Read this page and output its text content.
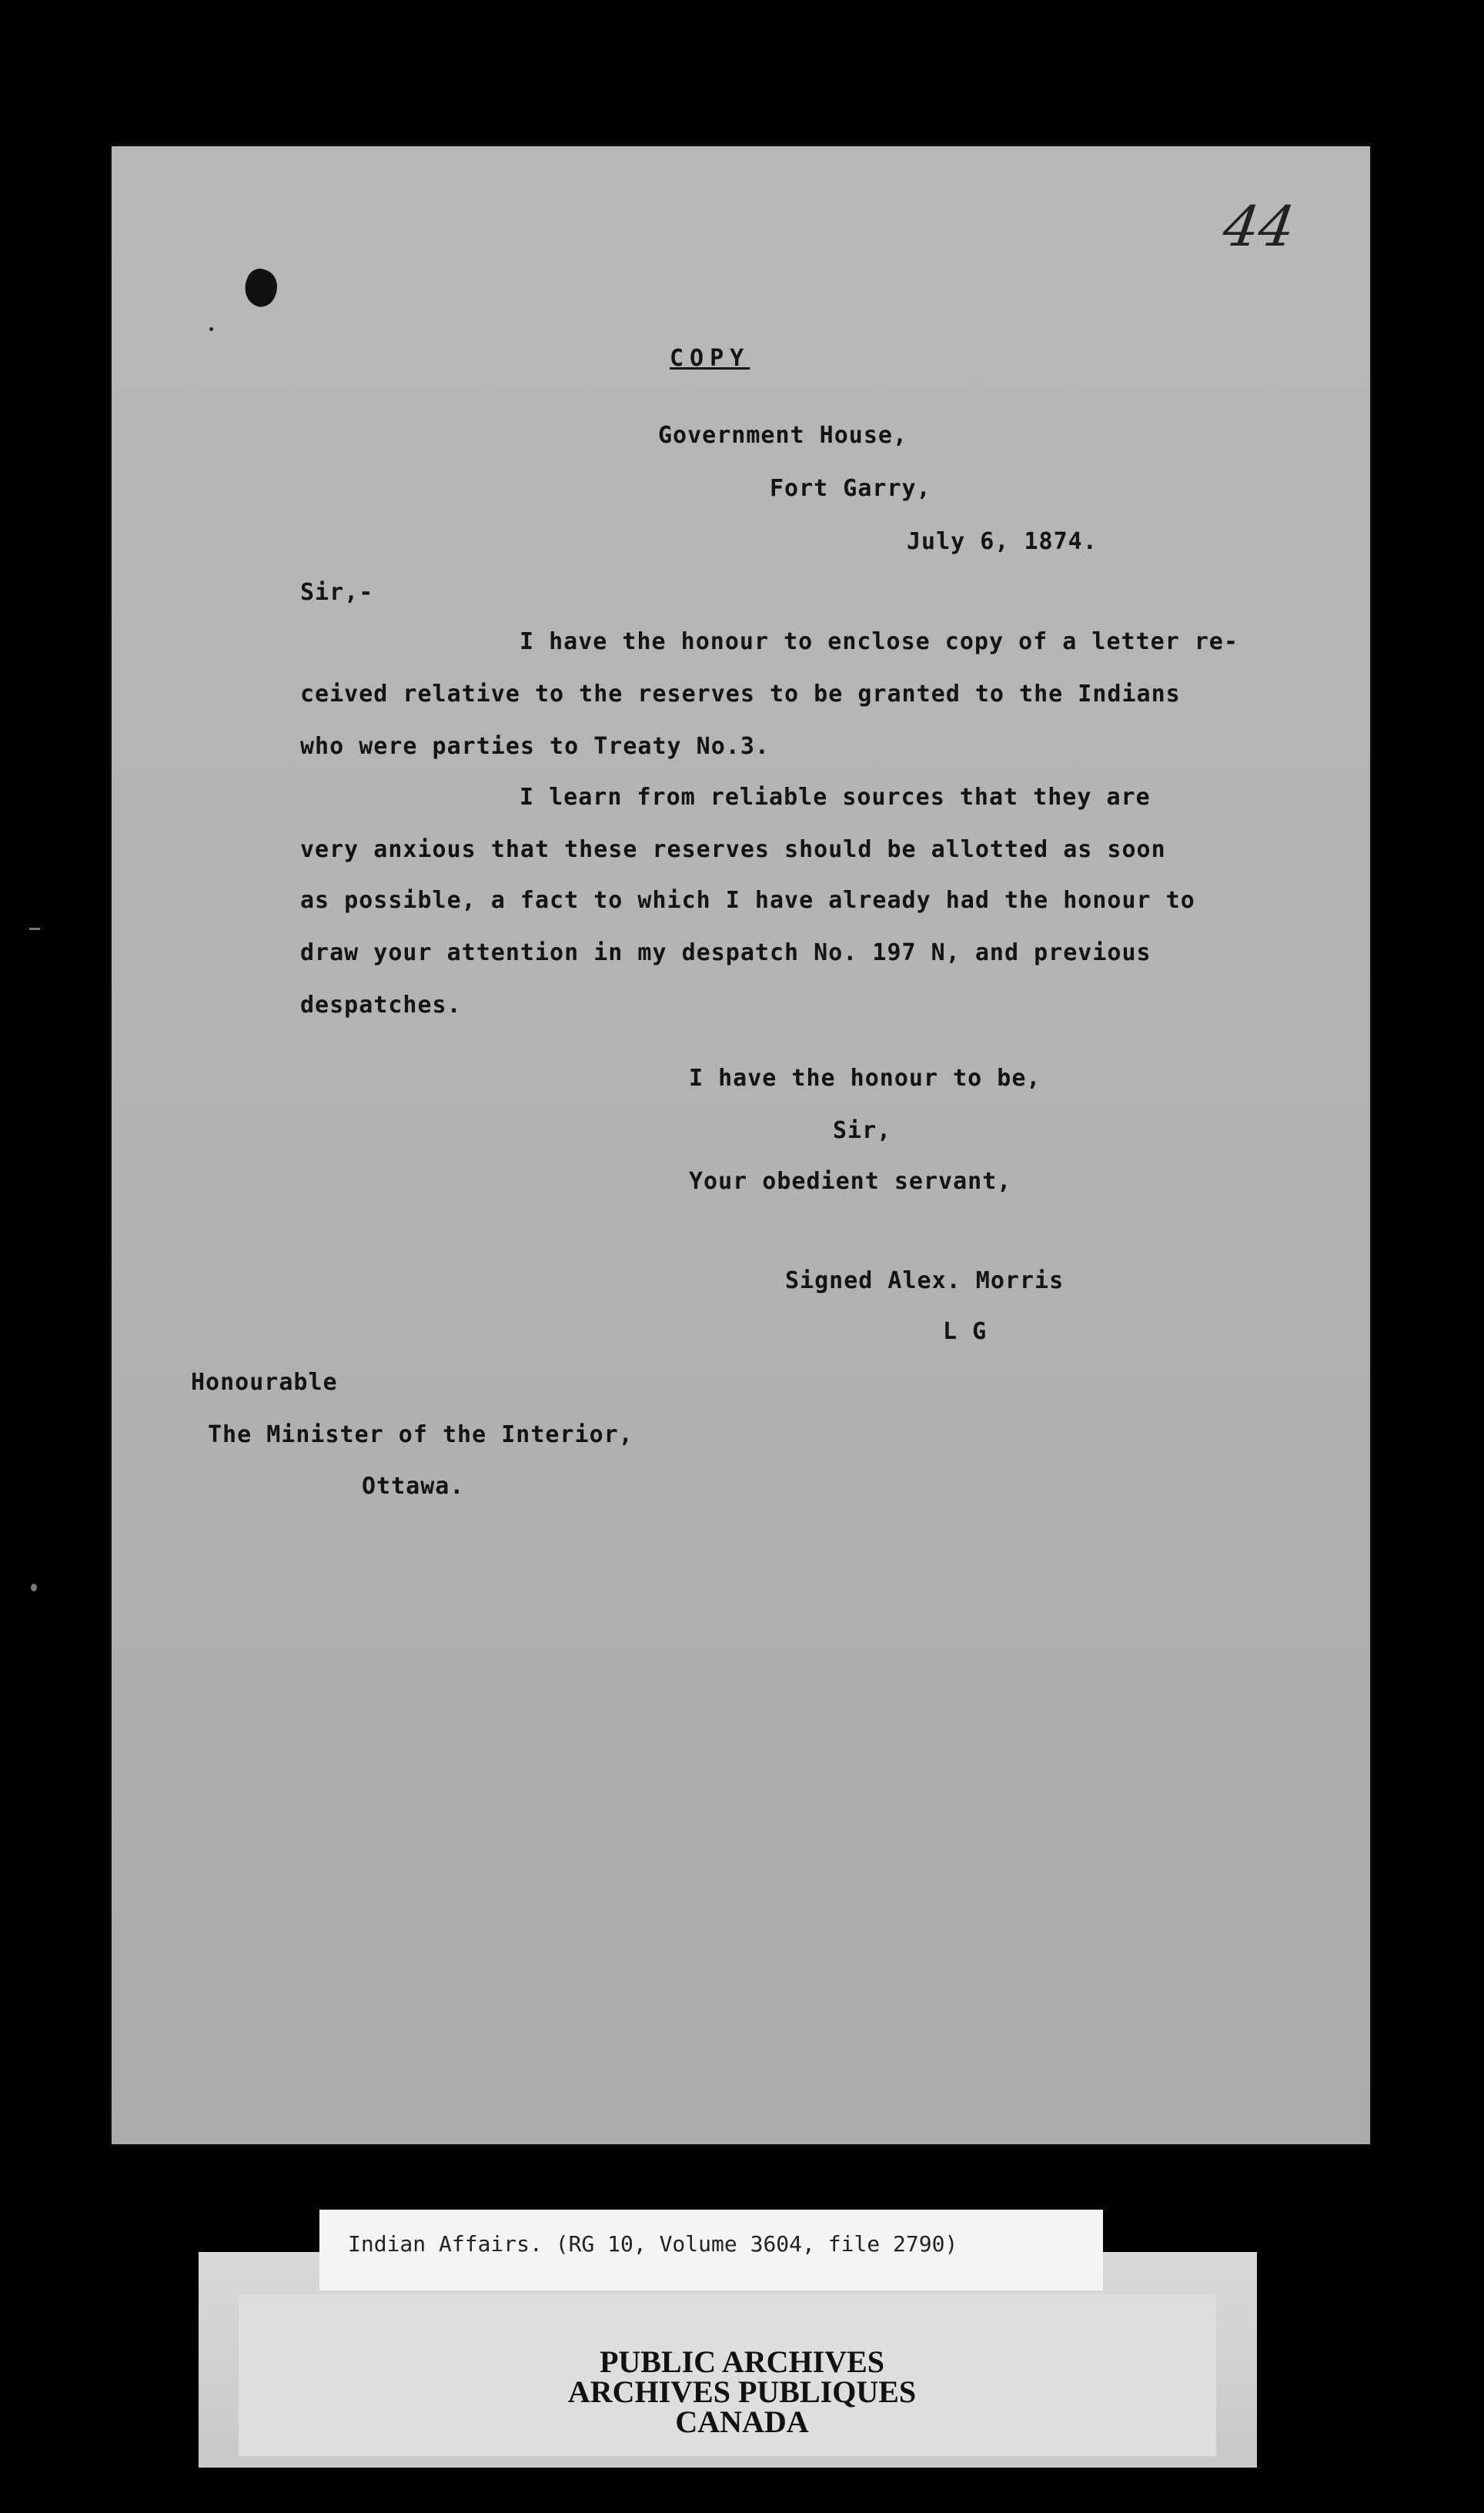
44
COPY
Government House,
Fort Garry,
July 6, 1874.
Sir,-
I have the honour to enclose copy of a letter re-
ceived relative to the reserves to be granted to the Indians
who were parties to Treaty No.3.
I learn from reliable sources that they are
very anxious that these reserves should be allotted as soon
as possible, a fact to which I have already had the honour to
draw your attention in my despatch No. 197 N, and previous
despatches.
I have the honour to be,
Sir,
Your obedient servant,
Signed Alex. Morris
L G
Honourable
The Minister of the Interior,
Ottawa.
Indian Affairs. (RG 10, Volume 3604, file 2790)
PUBLIC ARCHIVES
ARCHIVES PUBLIQUES
CANADA
